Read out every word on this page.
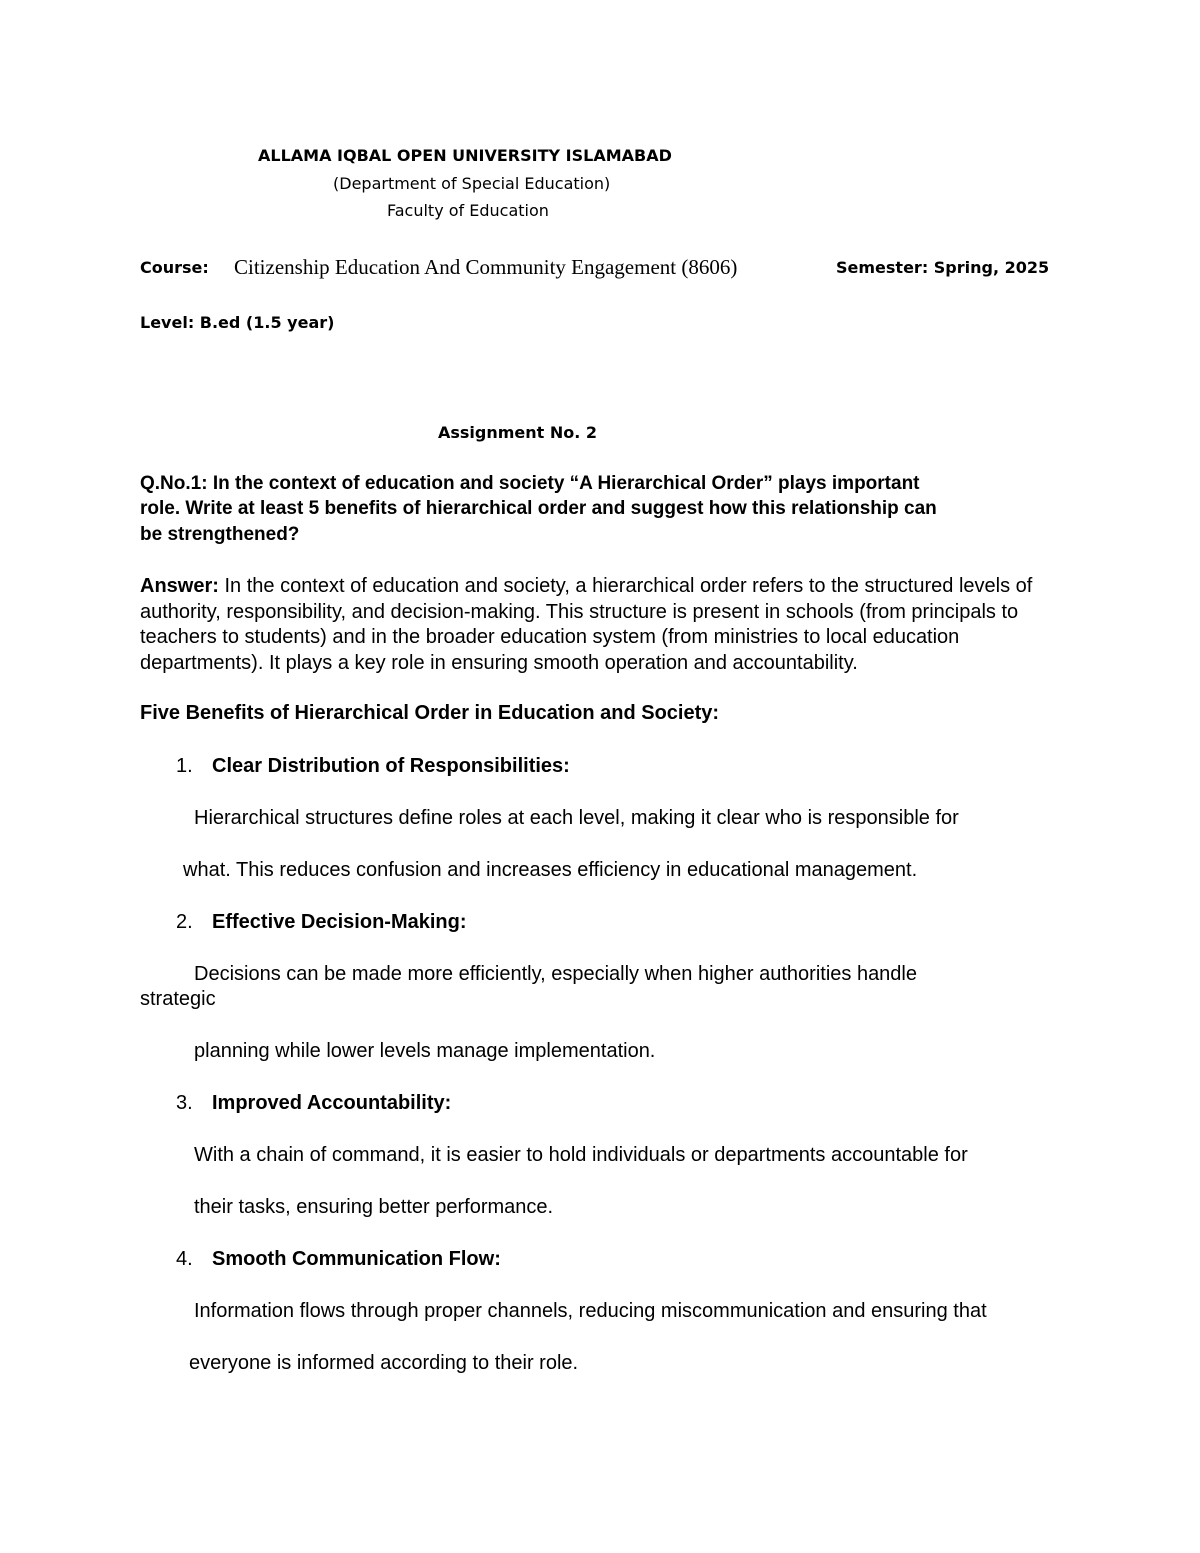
ALLAMA IQBAL OPEN UNIVERSITY ISLAMABAD
(Department of Special Education)
Faculty of Education
Course: Citizenship Education And Community Engagement (8606)	Semester: Spring, 2025
Level: B.ed (1.5 year)
Assignment No. 2
Q.No.1: In the context of education and society “A Hierarchical Order” plays important
role. Write at least 5 benefits of hierarchical order and suggest how this relationship can
be strengthened?
Answer: In the context of education and society, a hierarchical order refers to the structured levels of authority, responsibility, and decision-making. This structure is present in schools (from principals to teachers to students) and in the broader education system (from ministries to local education departments). It plays a key role in ensuring smooth operation and accountability.
Five Benefits of Hierarchical Order in Education and Society:
1. Clear Distribution of Responsibilities:
Hierarchical structures define roles at each level, making it clear who is responsible for
what. This reduces confusion and increases efficiency in educational management.
2. Effective Decision-Making:
Decisions can be made more efficiently, especially when higher authorities handle
strategic
planning while lower levels manage implementation.
3. Improved Accountability:
With a chain of command, it is easier to hold individuals or departments accountable for
their tasks, ensuring better performance.
4. Smooth Communication Flow:
Information flows through proper channels, reducing miscommunication and ensuring that
everyone is informed according to their role.
